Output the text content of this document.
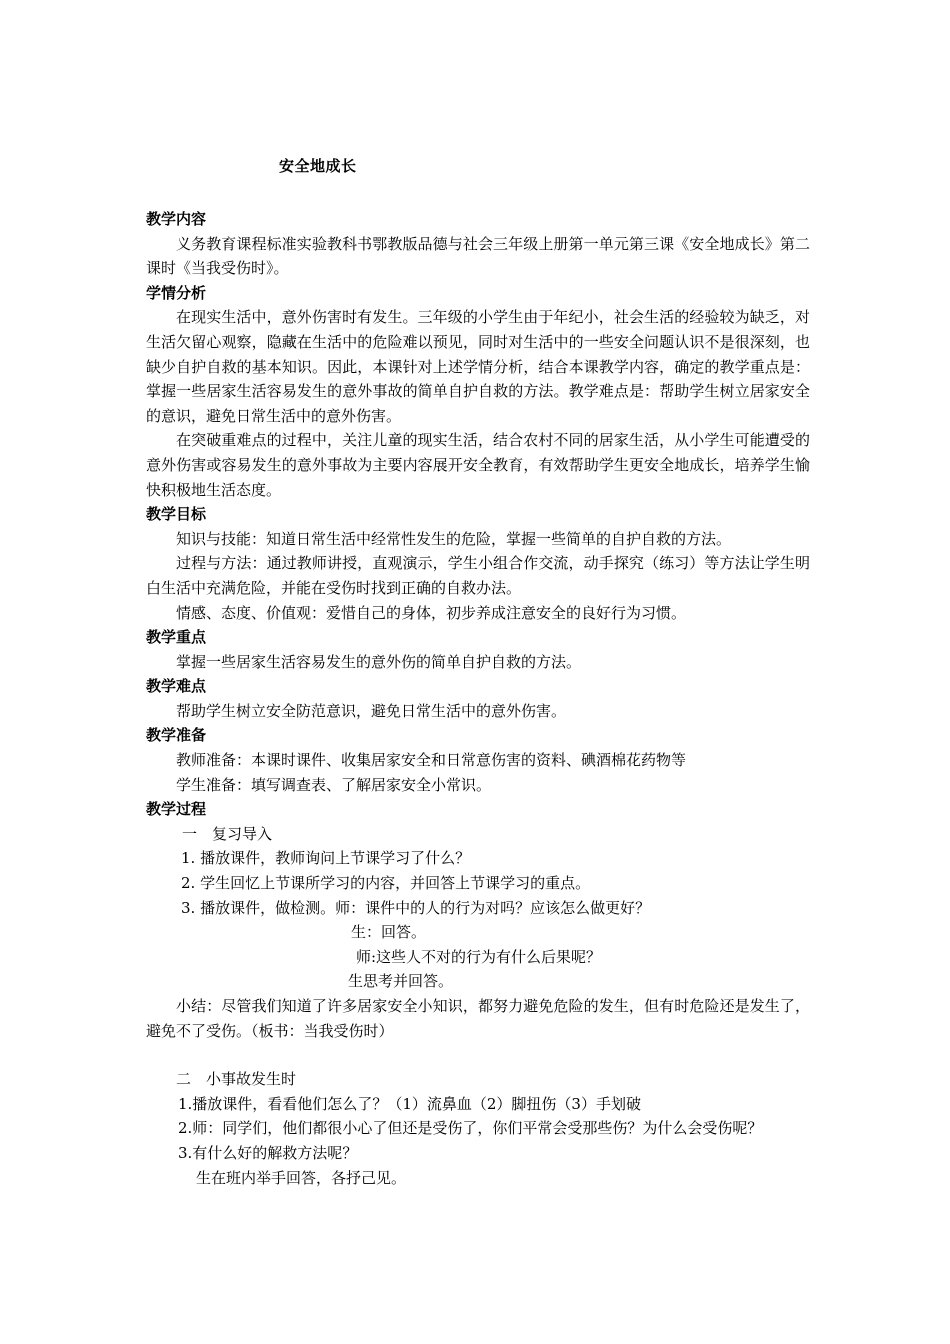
安全地成长

教学内容

义务教育课程标准实验教科书鄂教版品德与社会三年级上册第一单元第三课《安全地成长》第二课时《当我受伤时》。

学情分析

在现实生活中，意外伤害时有发生。三年级的小学生由于年纪小，社会生活的经验较为缺乏，对生活欠留心观察，隐藏在生活中的危险难以预见，同时对生活中的一些安全问题认识不是很深刻，也缺少自护自救的基本知识。因此，本课针对上述学情分析，结合本课教学内容，确定的教学重点是：掌握一些居家生活容易发生的意外事故的简单自护自救的方法。教学难点是：帮助学生树立居家安全的意识，避免日常生活中的意外伤害。

在突破重难点的过程中，关注儿童的现实生活，结合农村不同的居家生活，从小学生可能遭受的意外伤害或容易发生的意外事故为主要内容展开安全教育，有效帮助学生更安全地成长，培养学生愉快积极地生活态度。

教学目标

知识与技能：知道日常生活中经常性发生的危险，掌握一些简单的自护自救的方法。

过程与方法：通过教师讲授，直观演示，学生小组合作交流，动手探究（练习）等方法让学生明白生活中充满危险，并能在受伤时找到正确的自救办法。

情感、态度、价值观：爱惜自己的身体，初步养成注意安全的良好行为习惯。

教学重点

掌握一些居家生活容易发生的意外伤的简单自护自救的方法。

教学难点

帮助学生树立安全防范意识，避免日常生活中的意外伤害。

教学准备

教师准备：本课时课件、收集居家安全和日常意伤害的资料、碘酒棉花药物等

学生准备：填写调查表、了解居家安全小常识。

教学过程

一　复习导入

1. 播放课件，教师询问上节课学习了什么？

2. 学生回忆上节课所学习的内容，并回答上节课学习的重点。

3. 播放课件，做检测。师：课件中的人的行为对吗？应该怎么做更好？

生：回答。

师:这些人不对的行为有什么后果呢？

生思考并回答。

小结：尽管我们知道了许多居家安全小知识，都努力避免危险的发生，但有时危险还是发生了，避免不了受伤。（板书：当我受伤时）

二　小事故发生时

1.播放课件，看看他们怎么了？（1）流鼻血（2）脚扭伤（3）手划破

2.师：同学们，他们都很小心了但还是受伤了，你们平常会受那些伤？为什么会受伤呢？

3.有什么好的解救方法呢？

生在班内举手回答，各抒己见。
